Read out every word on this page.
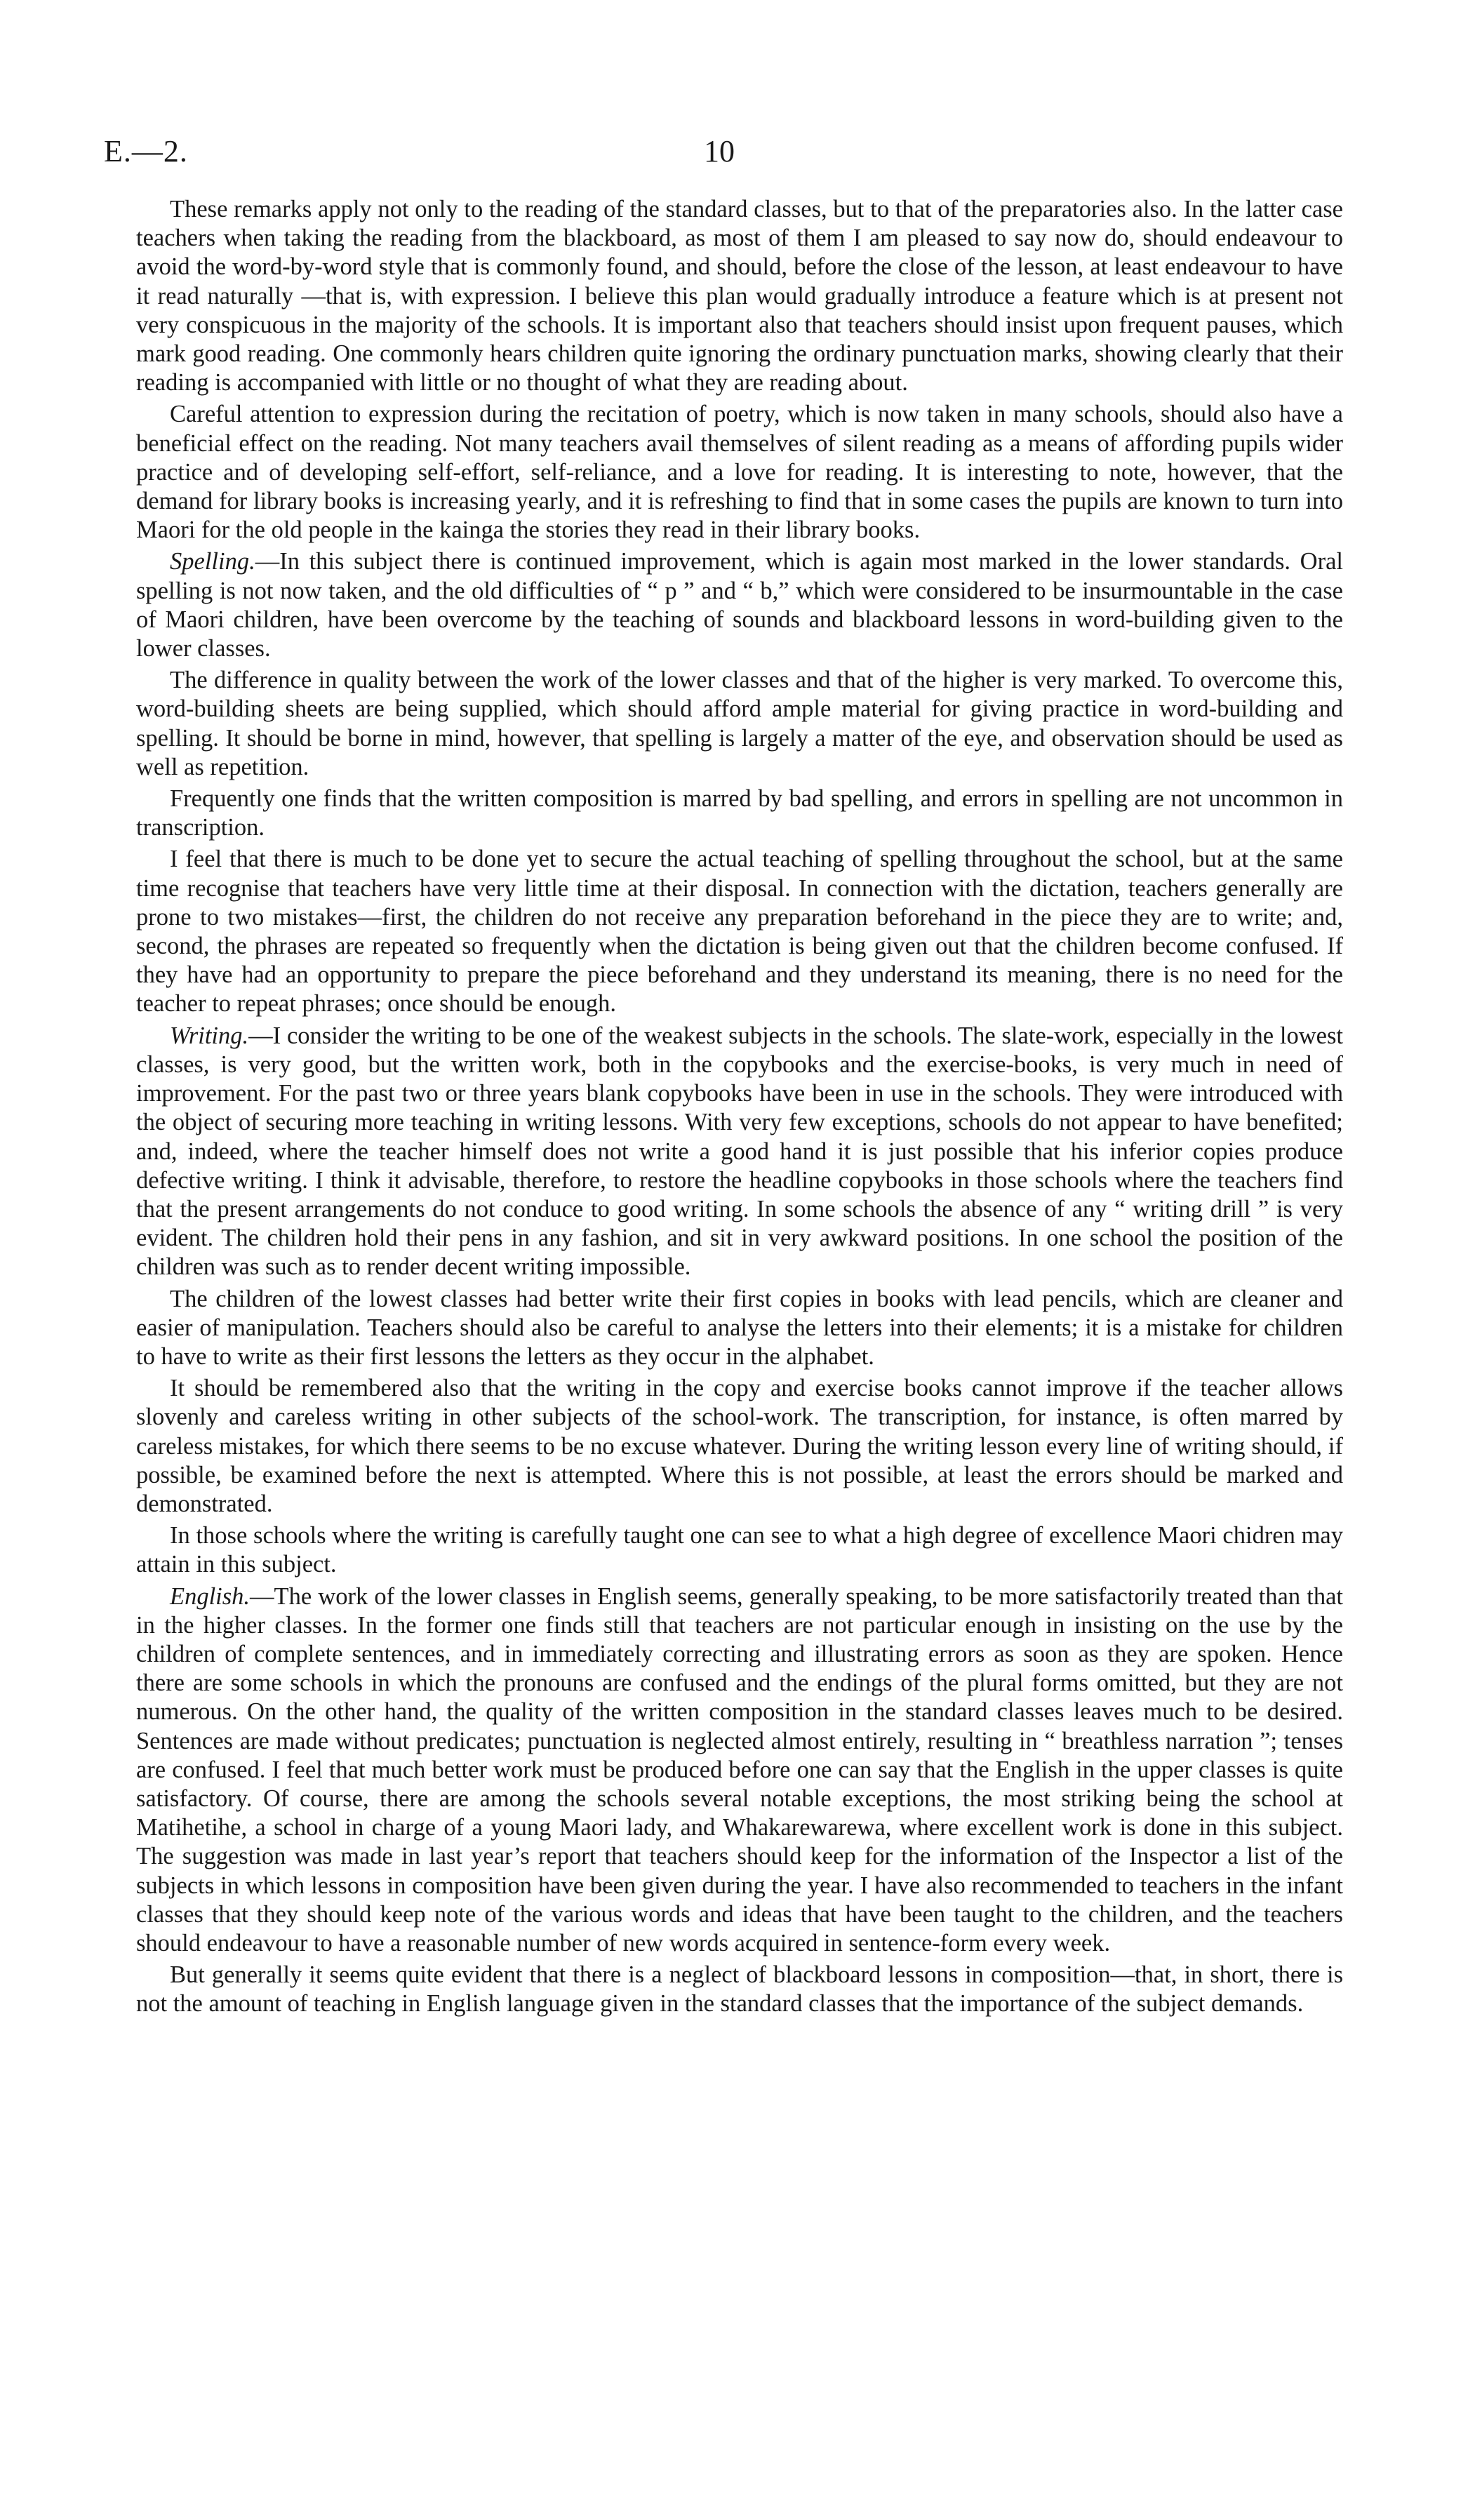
E.—2.	10

These remarks apply not only to the reading of the standard classes, but to that of the preparatories also. In the latter case teachers when taking the reading from the blackboard, as most of them I am pleased to say now do, should endeavour to avoid the word-by-word style that is commonly found, and should, before the close of the lesson, at least endeavour to have it read naturally —that is, with expression. I believe this plan would gradually introduce a feature which is at present not very conspicuous in the majority of the schools. It is important also that teachers should insist upon frequent pauses, which mark good reading. One commonly hears children quite ignoring the ordinary punctuation marks, showing clearly that their reading is accompanied with little or no thought of what they are reading about.

Careful attention to expression during the recitation of poetry, which is now taken in many schools, should also have a beneficial effect on the reading. Not many teachers avail themselves of silent reading as a means of affording pupils wider practice and of developing self-effort, self-reliance, and a love for reading. It is interesting to note, however, that the demand for library books is increasing yearly, and it is refreshing to find that in some cases the pupils are known to turn into Maori for the old people in the kainga the stories they read in their library books.

Spelling.—In this subject there is continued improvement, which is again most marked in the lower standards. Oral spelling is not now taken, and the old difficulties of “ p ” and “ b,” which were considered to be insurmountable in the case of Maori children, have been overcome by the teaching of sounds and blackboard lessons in word-building given to the lower classes.

The difference in quality between the work of the lower classes and that of the higher is very marked. To overcome this, word-building sheets are being supplied, which should afford ample material for giving practice in word-building and spelling. It should be borne in mind, however, that spelling is largely a matter of the eye, and observation should be used as well as repetition.

Frequently one finds that the written composition is marred by bad spelling, and errors in spelling are not uncommon in transcription.

I feel that there is much to be done yet to secure the actual teaching of spelling throughout the school, but at the same time recognise that teachers have very little time at their disposal. In connection with the dictation, teachers generally are prone to two mistakes—first, the children do not receive any preparation beforehand in the piece they are to write; and, second, the phrases are repeated so frequently when the dictation is being given out that the children become confused. If they have had an opportunity to prepare the piece beforehand and they understand its meaning, there is no need for the teacher to repeat phrases; once should be enough.

Writing.—I consider the writing to be one of the weakest subjects in the schools. The slate-work, especially in the lowest classes, is very good, but the written work, both in the copybooks and the exercise-books, is very much in need of improvement. For the past two or three years blank copybooks have been in use in the schools. They were introduced with the object of securing more teaching in writing lessons. With very few exceptions, schools do not appear to have benefited; and, indeed, where the teacher himself does not write a good hand it is just possible that his inferior copies produce defective writing. I think it advisable, therefore, to restore the headline copybooks in those schools where the teachers find that the present arrangements do not conduce to good writing. In some schools the absence of any “ writing drill ” is very evident. The children hold their pens in any fashion, and sit in very awkward positions. In one school the position of the children was such as to render decent writing impossible.

The children of the lowest classes had better write their first copies in books with lead pencils, which are cleaner and easier of manipulation. Teachers should also be careful to analyse the letters into their elements; it is a mistake for children to have to write as their first lessons the letters as they occur in the alphabet.

It should be remembered also that the writing in the copy and exercise books cannot improve if the teacher allows slovenly and careless writing in other subjects of the school-work. The transcription, for instance, is often marred by careless mistakes, for which there seems to be no excuse whatever. During the writing lesson every line of writing should, if possible, be examined before the next is attempted. Where this is not possible, at least the errors should be marked and demonstrated.

In those schools where the writing is carefully taught one can see to what a high degree of excellence Maori chidren may attain in this subject.

English.—The work of the lower classes in English seems, generally speaking, to be more satisfactorily treated than that in the higher classes. In the former one finds still that teachers are not particular enough in insisting on the use by the children of complete sentences, and in immediately correcting and illustrating errors as soon as they are spoken. Hence there are some schools in which the pronouns are confused and the endings of the plural forms omitted, but they are not numerous. On the other hand, the quality of the written composition in the standard classes leaves much to be desired. Sentences are made without predicates; punctuation is neglected almost entirely, resulting in “ breathless narration ”; tenses are confused. I feel that much better work must be produced before one can say that the English in the upper classes is quite satisfactory. Of course, there are among the schools several notable exceptions, the most striking being the school at Matihetihe, a school in charge of a young Maori lady, and Whakarewarewa, where excellent work is done in this subject. The suggestion was made in last year’s report that teachers should keep for the information of the Inspector a list of the subjects in which lessons in composition have been given during the year. I have also recommended to teachers in the infant classes that they should keep note of the various words and ideas that have been taught to the children, and the teachers should endeavour to have a reasonable number of new words acquired in sentence-form every week.

But generally it seems quite evident that there is a neglect of blackboard lessons in composition—that, in short, there is not the amount of teaching in English language given in the standard classes that the importance of the subject demands.
